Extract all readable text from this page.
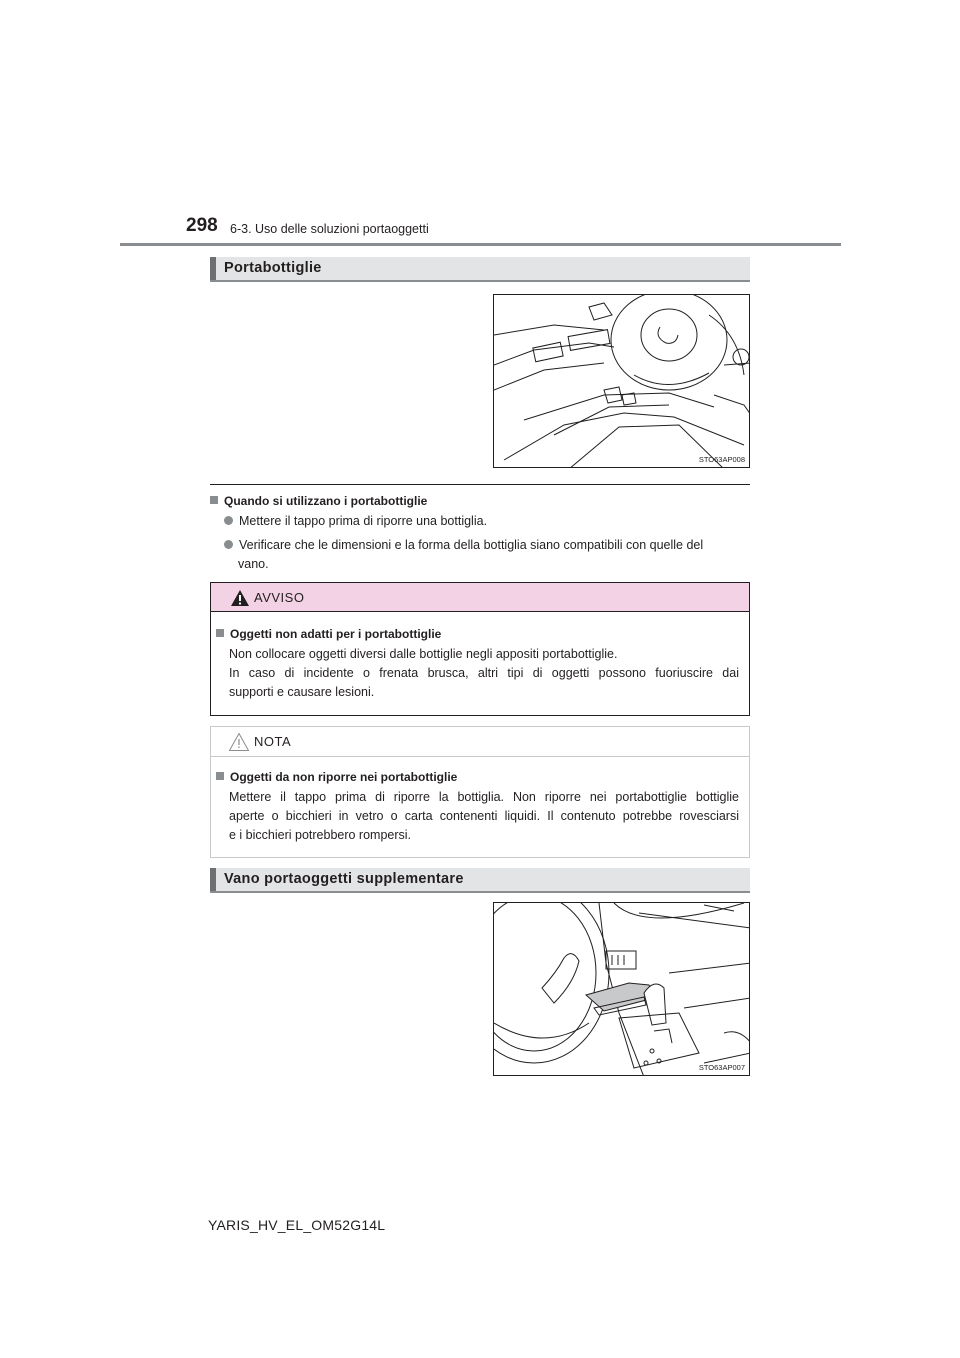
298 6-3. Uso delle soluzioni portaoggetti
Portabottiglie
STO63AP008
Quando si utilizzano i portabottiglie
Mettere il tappo prima di riporre una bottiglia.
Verificare che le dimensioni e la forma della bottiglia siano compatibili con quelle del
vano.
AVVISO
Oggetti non adatti per i portabottiglie
Non collocare oggetti diversi dalle bottiglie negli appositi portabottiglie.
In caso di incidente o frenata brusca, altri tipi di oggetti possono fuoriuscire dai
supporti e causare lesioni.
NOTA
Oggetti da non riporre nei portabottiglie
Mettere il tappo prima di riporre la bottiglia. Non riporre nei portabottiglie bottiglie
aperte o bicchieri in vetro o carta contenenti liquidi. Il contenuto potrebbe rovesciarsi
e i bicchieri potrebbero rompersi.
Vano portaoggetti supplementare
STO63AP007
YARIS_HV_EL_OM52G14L
